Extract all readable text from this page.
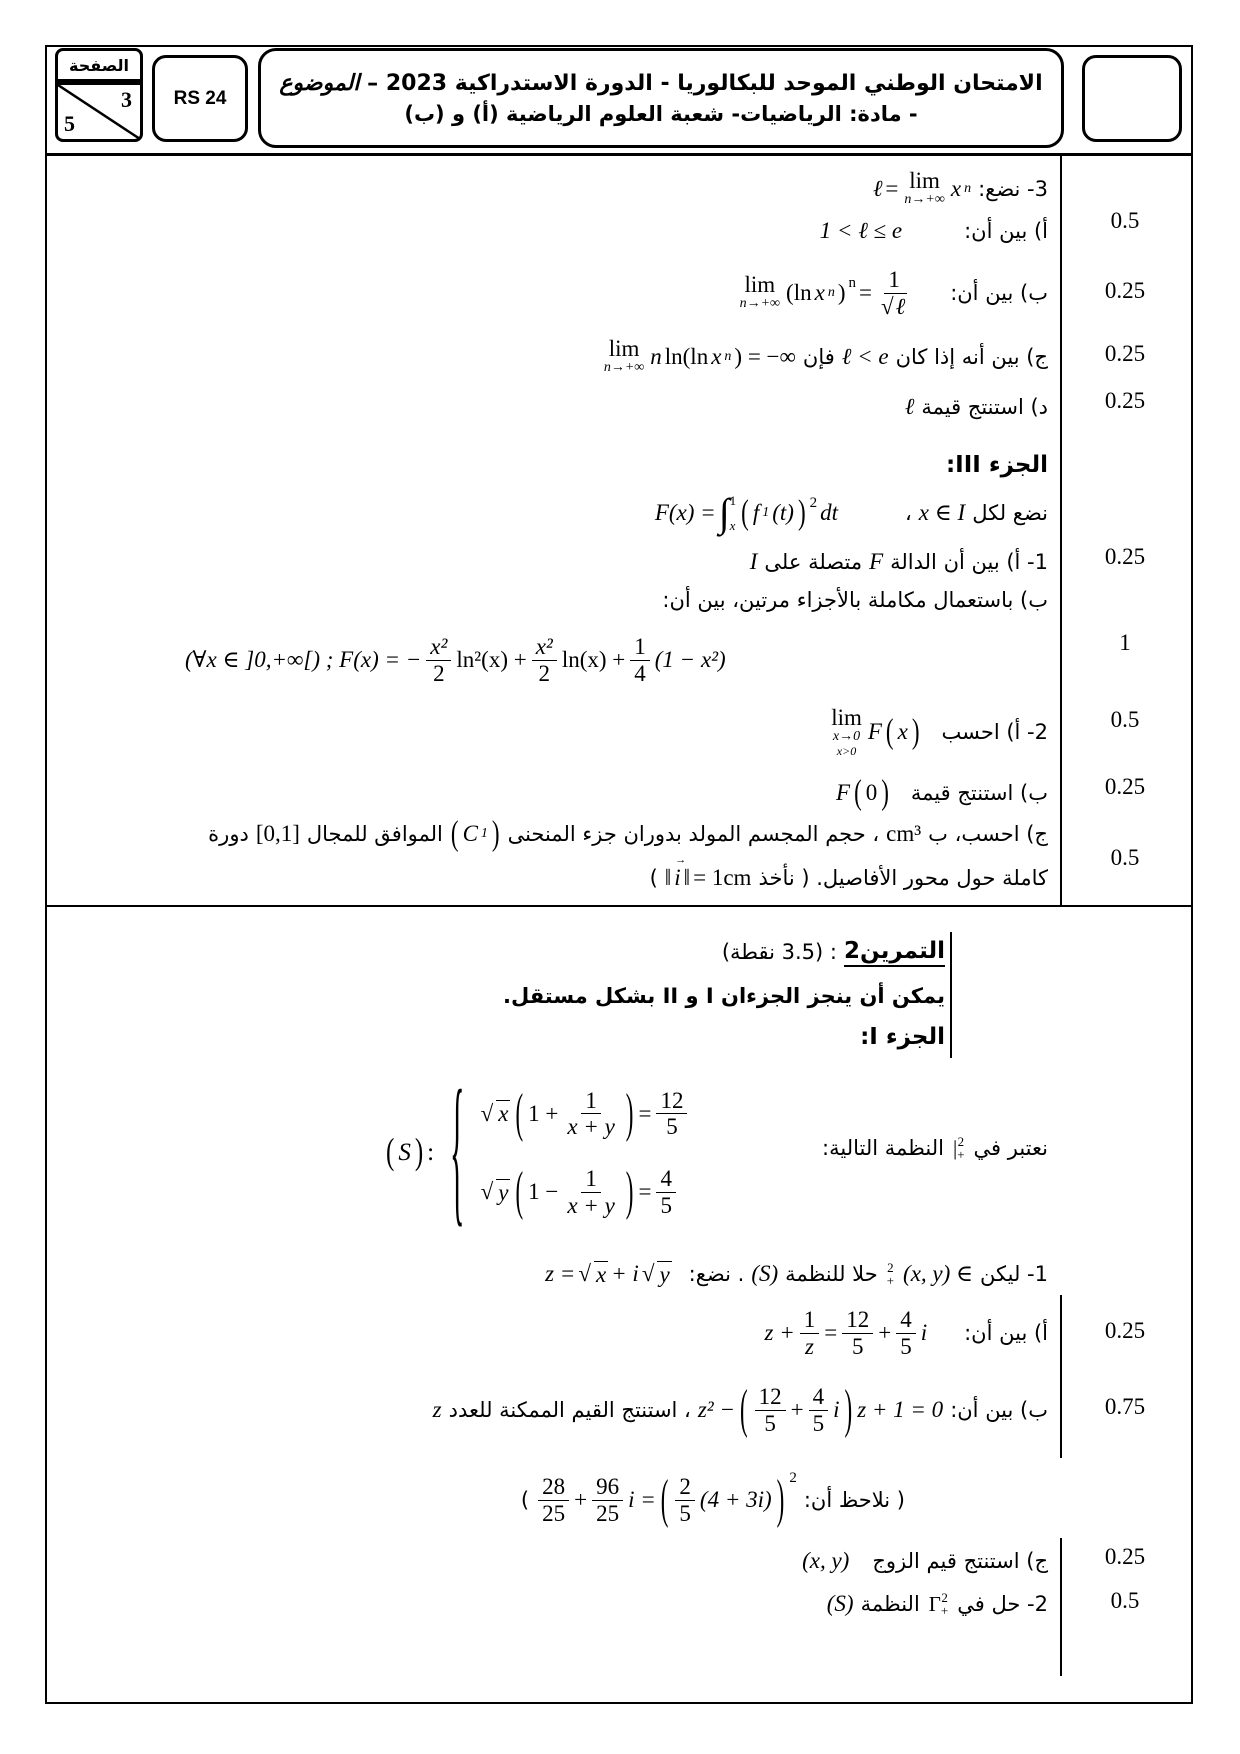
الصفحة
3
5
RS 24
الامتحان الوطني الموحد للبكالوريا - الدورة الاستدراكية 2023 – الموضوع
- مادة: الرياضيات- شعبة العلوم الرياضية (أ) و (ب)
3- نضع:
ℓ = lim
n→+∞ x n
أ) بين أن:
1 < ℓ ≤ e
ب) بين أن:
lim
n→+∞ (ln x n ) $n = \frac{1}{\text{√ℓ}}$
ج) بين أنه إذا كان
ℓ < e
فإن
lim
n→+∞ n ln(ln x n ) = −∞
د) استنتج قيمة
ℓ
الجزء III:
نضع لكل
x ∈ I
،
F(x) = ∫ 1
x ( f 1 (t) ) 2 dt
1- أ) بين أن الدالة
F
متصلة على
I
ب) باستعمال مكاملة بالأجزاء مرتين، بين أن:
(∀x ∈ ]0,+∞[) ; F(x) = − $\frac{\text{x²}}{2} \ln^2(x) + \frac{\text{x²}}{2} \ln(x) + \frac{1}{4} (1 - x^2)$
2- أ) احسب
lim
x→0
x>0
F ( x )
ب) استنتج قيمة
F ( 0 )
ج) احسب، ب
cm³
، حجم المجسم المولد بدوران جزء المنحنى
( C 1 )
الموافق للمجال
[0,1]
دورة
كاملة حول محور الأفاصيل. ( نأخذ
‖
→
i ‖ = 1cm
)
التمرين2
: (3.5 نقطة)
يمكن أن ينجز الجزءان I و II بشكل مستقل.
الجزء I:
نعتبر في
| 2
+
النظمة التالية:
( S ) : { √ x ( $1 + \frac{1}{x + y}$ ) = $\frac{12}{5}$
√ y ( $1 - \frac{1}{x + y}$ ) = $\frac{4}{5}$
1- ليكن
(x, y) ∈
2
+
حلا للنظمة
(S)
. نضع:
z = √ x + i √ y
أ) بين أن:
$z + \frac{1}{z} = \frac{12}{5} + \frac{4}{5}$ i
ب) بين أن:
z² − ( $\frac{12}{5} + \frac{4}{5}$ i ) z + 1 = 0
، استنتج القيم الممكنة للعدد
z
( نلاحظ أن:
$\frac{28}{25} + \frac{96}{25}$ i = ( $\frac{2}{5} (4 + 3i)$ ) 2
)
ج) استنتج قيم الزوج
(x, y)
2- حل في
Γ 2
+
النظمة
(S)
0.5
0.25
0.25
0.25
0.25
1
0.5
0.25
0.5
0.25
0.75
0.25
0.5
